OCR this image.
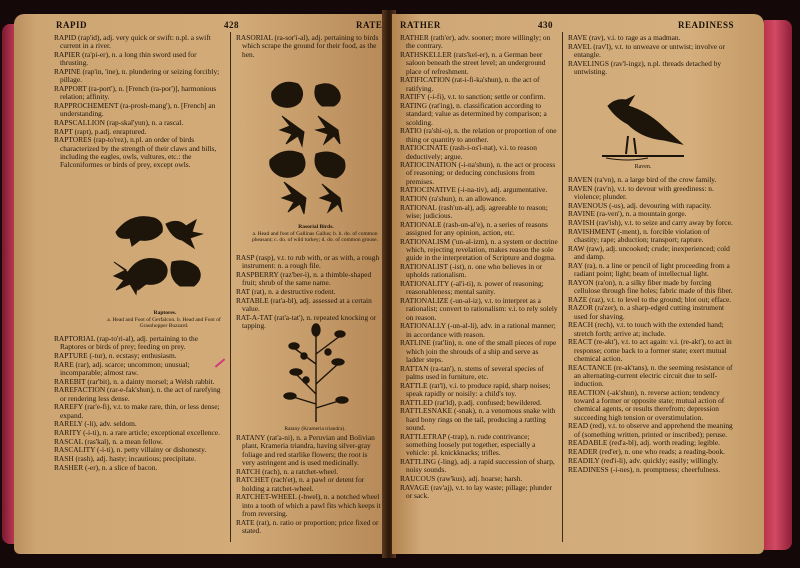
RAPID	428	RATE
RAPID (rap'id), adj. very quick or swift: n.pl. a swift current in a river.
RAPIER (ra'pi-er), n. a long thin sword used for thrusting.
RAPINE (rap'in, 'ine), n. plundering or seizing forcibly; pillage.
RAPPORT (ra-port'), n. [French (ra-por')], harmonious relation; affinity.
RAPPROCHEMENT (ra-prosh-mang'), n. [French] an understanding.
RAPSCALLION (rap-skal'yun), n. a rascal.
RAPT (rapt), p.adj. enraptured.
RAPTORES (rap-to'rez), n.pl. an order of birds characterized by the strength of their claws and bills, including the eagles, owls, vultures, etc.: the Falconiformes or birds of prey, except owls.
Raptores.
a. Head and Foot of Gerfalcon. b. Head and Foot of Grasshopper Buzzard.
RAPTORIAL (rap-to'ri-al), adj. pertaining to the Raptores or birds of prey; feeding on prey.
RAPTURE (-tur), n. ecstasy; enthusiasm.
RARE (rar), adj. scarce; uncommon; unusual; incomparable; almost raw.
RAREBIT (rar'bit), n. a dainty morsel; a Welsh rabbit.
RAREFACTION (rar-e-fak'shun), n. the act of rarefying or rendering less dense.
RAREFY (rar'e-fi), v.t. to make rare, thin, or less dense; expand.
RARELY (-li), adv. seldom.
RARITY (-i-ti), n. a rare article; exceptional excellence.
RASCAL (ras'kal), n. a mean fellow.
RASCALITY (-i-ti), n. petty villainy or dishonesty.
RASH (rash), adj. hasty; incautious; precipitate.
RASHER (-er), n. a slice of bacon.
RASORIAL (ra-sor'i-al), adj. pertaining to birds which scrape the ground for their food, as the hen.
Rasorial Birds.
a. Head and foot of Gallinas Gallus; b. h. do. of common pheasant; c. do. of wild turkey; d. do. of common grouse.
RASP (rasp), v.t. to rub with, or as with, a rough instrument: n. a rough file.
RASPBERRY (raz'ber-i), n. a thimble-shaped fruit; shrub of the same name.
RAT (rat), n. a destructive rodent.
RATABLE (rat'a-bl), adj. assessed at a certain value.
RAT-A-TAT (rat'a-tat'), n. repeated knocking or tapping.
Ratany (Krameria triandra).
RATANY (rat'a-ni), n. a Peruvian and Bolivian plant, Krameria triandra, having silver-gray foliage and red starlike flowers; the root is very astringent and is used medicinally.
RATCH (rach), n. a ratchet-wheel.
RATCHET (rach'et), n. a pawl or detent for holding a ratchet-wheel.
RATCHET-WHEEL (-hwel), n. a notched wheel into a tooth of which a pawl fits which keeps it from reversing.
RATE (rat), n. ratio or proportion; price fixed or stated.
RATHER	430	READINESS
RATHER (rath'er), adv. sooner; more willingly; on the contrary.
RATHSKELLER (rats'kel-er), n. a German beer saloon beneath the street level; an underground place of refreshment.
RATIFICATION (rat-i-fi-ka'shun), n. the act of ratifying.
RATIFY (-i-fi), v.t. to sanction; settle or confirm.
RATING (rat'ing), n. classification according to standard; value as determined by comparison; a scolding.
RATIO (ra'shi-o), n. the relation or proportion of one thing or quantity to another.
RATIOCINATE (rash-i-os'i-nat), v.i. to reason deductively; argue.
RATIOCINATION (-i-na'shun), n. the act or process of reasoning; or deducing conclusions from premises.
RATIOCINATIVE (-i-na-tiv), adj. argumentative.
RATION (ra'shun), n. an allowance.
RATIONAL (rash'un-al), adj. agreeable to reason; wise; judicious.
RATIONALE (rash-un-al'e), n. a series of reasons assigned for any opinion, action, etc.
RATIONALISM ('un-al-izm), n. a system or doctrine which, rejecting revelation, makes reason the sole guide in the interpretation of Scripture and dogma.
RATIONALIST (-ist), n. one who believes in or upholds rationalism.
RATIONALITY (-al'i-ti), n. power of reasoning; reasonableness; mental sanity.
RATIONALIZE (-un-al-iz), v.t. to interpret as a rationalist; convert to rationalism: v.i. to rely solely on reason.
RATIONALLY (-un-al-li), adv. in a rational manner; in accordance with reason.
RATLINE (rat'lin), n. one of the small pieces of rope which join the shrouds of a ship and serve as ladder steps.
RATTAN (ra-tan'), n. stems of several species of palms used in furniture, etc.
RATTLE (rat'l), v.i. to produce rapid, sharp noises; speak rapidly or noisily: a child's toy.
RATTLED (rat'ld), p.adj. confused; bewildered.
RATTLESNAKE (-snak), n. a venomous snake with hard bony rings on the tail, producing a rattling sound.
RATTLETRAP (-trap), n. rude contrivance; something loosely put together, especially a vehicle: pl. knickknacks; trifles.
RATTLING (-ling), adj. a rapid succession of sharp, noisy sounds.
RAUCOUS (raw'kus), adj. hoarse; harsh.
RAVAGE (rav'aj), v.t. to lay waste; pillage; plunder or sack.
RAVE (rav), v.i. to rage as a madman.
RAVEL (rav'l), v.t. to unweave or untwist; involve or entangle.
RAVELINGS (rav'l-ingz), n.pl. threads detached by untwisting.
Raven.
RAVEN (ra'vn), n. a large bird of the crow family.
RAVEN (rav'n), v.t. to devour with greediness: n. violence; plunder.
RAVENOUS (-us), adj. devouring with rapacity.
RAVINE (ra-ven'), n. a mountain gorge.
RAVISH (rav'ish), v.t. to seize and carry away by force.
RAVISHMENT (-ment), n. forcible violation of chastity; rape; abduction; transport; rapture.
RAW (raw), adj. uncooked; crude; inexperienced; cold and damp.
RAY (ra), n. a line or pencil of light proceeding from a radiant point; light; beam of intellectual light.
RAYON (ra'on), n. a silky fiber made by forcing cellulose through fine holes; fabric made of this fiber.
RAZE (raz), v.t. to level to the ground; blot out; efface.
RAZOR (ra'zer), n. a sharp-edged cutting instrument used for shaving.
REACH (rech), v.t. to touch with the extended hand; stretch forth; arrive at; include.
REACT (re-akt'), v.t. to act again: v.i. (re-akt'), to act in response; come back to a former state; exert mutual chemical action.
REACTANCE (re-ak'tans), n. the seeming resistance of an alternating-current electric circuit due to self-induction.
REACTION (-ak'shun), n. reverse action; tendency toward a former or opposite state; mutual action of chemical agents, or results therefrom; depression succeeding high tension or overstimulation.
READ (red), v.t. to observe and apprehend the meaning of (something written, printed or inscribed); peruse.
READABLE (red'a-bl), adj. worth reading; legible.
READER (red'er), n. one who reads; a reading-book.
READILY (red'i-li), adv. quickly; easily; willingly.
READINESS (-i-nes), n. promptness; cheerfulness.
